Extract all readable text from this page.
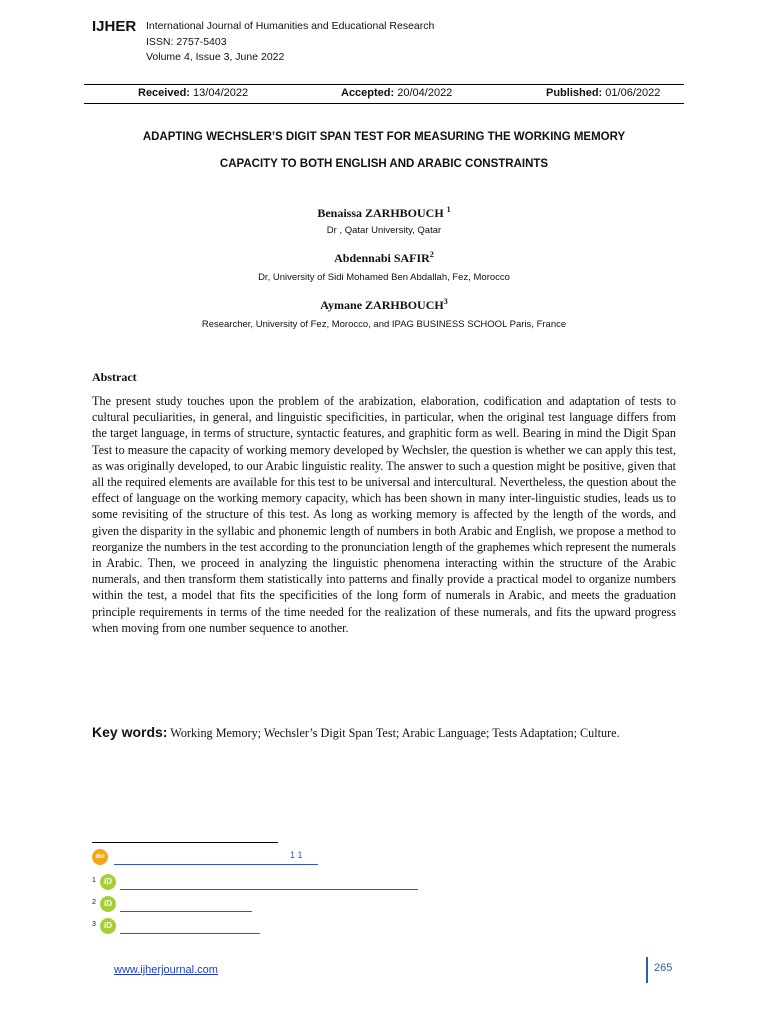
IJHER International Journal of Humanities and Educational Research
ISSN: 2757-5403
Volume 4, Issue 3, June 2022
Received: 13/04/2022	Accepted: 20/04/2022	Published: 01/06/2022
ADAPTING WECHSLER’S DIGIT SPAN TEST FOR MEASURING THE WORKING MEMORY
CAPACITY TO BOTH ENGLISH AND ARABIC CONSTRAINTS
Benaissa ZARHBOUCH $^1$
Dr , Qatar University, Qatar
Abdennabi SAFIR$^2$
Dr, University of Sidi Mohamed Ben Abdallah, Fez, Morocco
Aymane ZARHBOUCH$^3$
Researcher, University of Fez, Morocco, and IPAG BUSINESS SCHOOL Paris, France
Abstract
The present study touches upon the problem of the arabization, elaboration, codification and adaptation of tests to cultural peculiarities, in general, and linguistic specificities, in particular, when the original test language differs from the target language, in terms of structure, syntactic features, and graphitic form as well. Bearing in mind the Digit Span Test to measure the capacity of working memory developed by Wechsler, the question is whether we can apply this test, as was originally developed, to our Arabic linguistic reality. The answer to such a question might be positive, given that all the required elements are available for this test to be universal and intercultural. Nevertheless, the question about the effect of language on the working memory capacity, which has been shown in many inter-linguistic studies, leads us to some revisiting of the structure of this test. As long as working memory is affected by the length of the words, and given the disparity in the syllabic and phonemic length of numbers in both Arabic and English, we propose a method to reorganize the numbers in the test according to the pronunciation length of the graphemes which represent the numerals in Arabic. Then, we proceed in analyzing the linguistic phenomena interacting within the structure of the Arabic numerals, and then transform them statistically into patterns and finally provide a practical model to organize numbers within the test, a model that fits the specificities of the long form of numerals in Arabic, and meets the graduation principle requirements in terms of the time needed for the realization of these numerals, and fits the upward progress when moving from one number sequence to another.
Key words: Working Memory; Wechsler’s Digit Span Test; Arabic Language; Tests Adaptation; Culture.
doi	1 1
1	iD
2	iD
3	iD
www.ijherjournal.com	265
